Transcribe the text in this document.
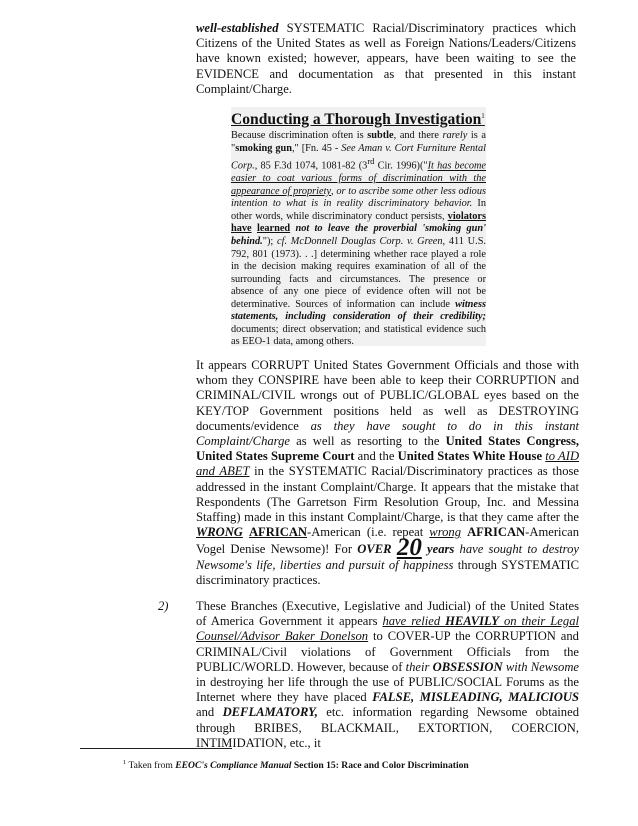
well-established SYSTEMATIC Racial/Discriminatory practices which Citizens of the United States as well as Foreign Nations/Leaders/Citizens have known existed; however, appears, have been waiting to see the EVIDENCE and documentation as that presented in this instant Complaint/Charge.

Conducting a Thorough Investigation$^1$

Because discrimination often is subtle, and there rarely is a "smoking gun," [Fn. 45 - See Aman v. Cort Furniture Rental Corp., 85 F.3d 1074, 1081-82 (3rd Cir. 1996)("It has become easier to coat various forms of discrimination with the appearance of propriety, or to ascribe some other less odious intention to what is in reality discriminatory behavior. In other words, while discriminatory conduct persists, violators have learned not to leave the proverbial 'smoking gun' behind."); cf. McDonnell Douglas Corp. v. Green, 411 U.S. 792, 801 (1973). . .] determining whether race played a role in the decision making requires examination of all of the surrounding facts and circumstances. The presence or absence of any one piece of evidence often will not be determinative. Sources of information can include witness statements, including consideration of their credibility; documents; direct observation; and statistical evidence such as EEO-1 data, among others.

It appears CORRUPT United States Government Officials and those with whom they CONSPIRE have been able to keep their CORRUPTION and CRIMINAL/CIVIL wrongs out of PUBLIC/GLOBAL eyes based on the KEY/TOP Government positions held as well as DESTROYING documents/evidence as they have sought to do in this instant Complaint/Charge as well as resorting to the United States Congress, United States Supreme Court and the United States White House to AID and ABET in the SYSTEMATIC Racial/Discriminatory practices as those addressed in the instant Complaint/Charge. It appears that the mistake that Respondents (The Garretson Firm Resolution Group, Inc. and Messina Staffing) made in this instant Complaint/Charge, is that they came after the WRONG AFRICAN-American (i.e. repeat wrong AFRICAN-American Vogel Denise Newsome)! For OVER 20 years have sought to destroy Newsome's life, liberties and pursuit of happiness through SYSTEMATIC discriminatory practices.

2) These Branches (Executive, Legislative and Judicial) of the United States of America Government it appears have relied HEAVILY on their Legal Counsel/Advisor Baker Donelson to COVER-UP the CORRUPTION and CRIMINAL/Civil violations of Government Officials from the PUBLIC/WORLD. However, because of their OBSESSION with Newsome in destroying her life through the use of PUBLIC/SOCIAL Forums as the Internet where they have placed FALSE, MISLEADING, MALICIOUS and DEFLAMATORY, etc. information regarding Newsome obtained through BRIBES, BLACKMAIL, EXTORTION, COERCION, INTIMIDATION, etc., it

$^1$ Taken from EEOC's Compliance Manual Section 15: Race and Color Discrimination
